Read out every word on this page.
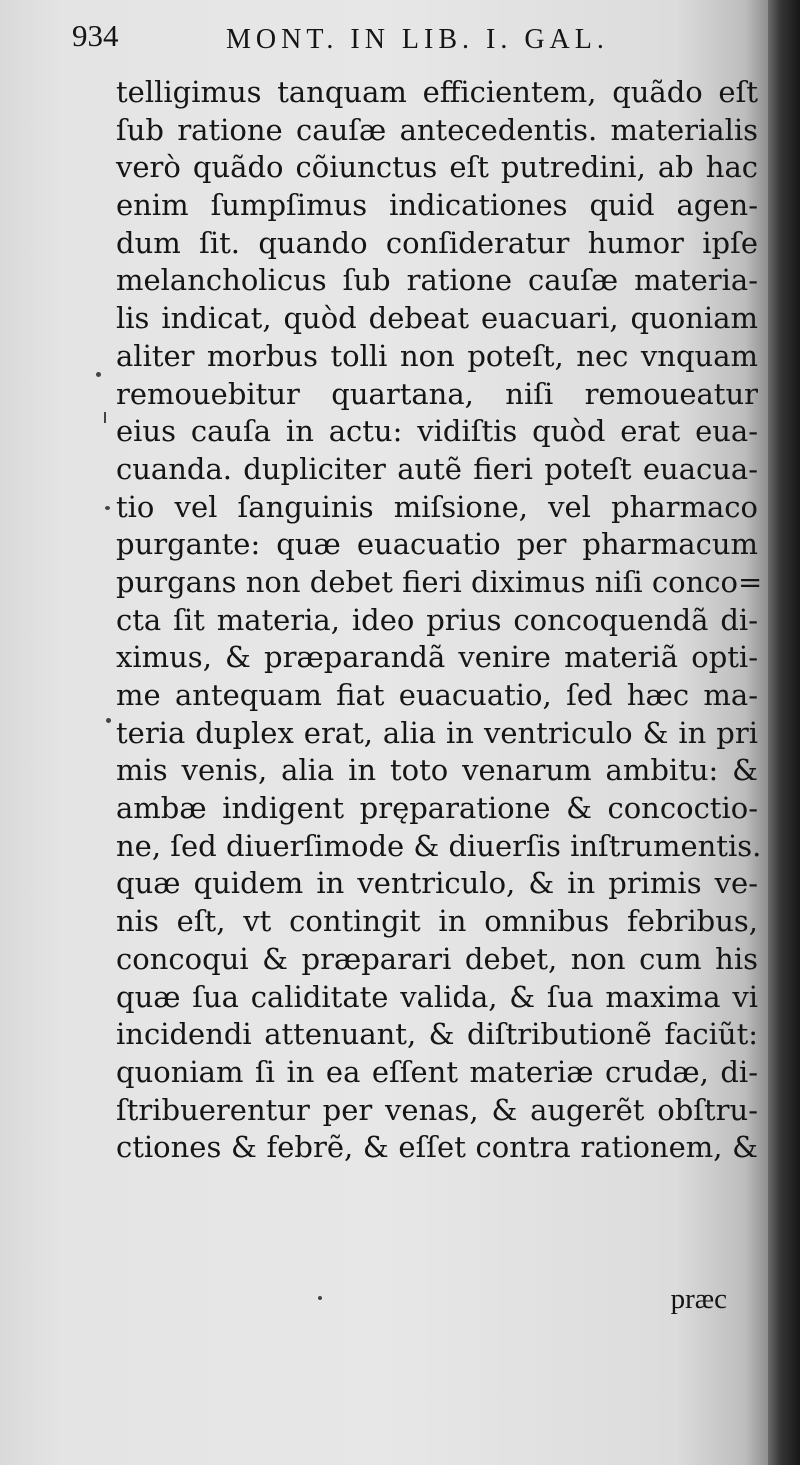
934	MONT. IN LIB. I. GAL.
telligimus tanquam efficientem, quãdo eſt
ſub ratione cauſæ antecedentis. materialis
verò quãdo cõiunctus eſt putredini, ab hac
enim ſumpſimus indicationes quid agen-
dum ſit. quando conſideratur humor ipſe
melancholicus ſub ratione cauſæ materia-
lis indicat, quòd debeat euacuari, quoniam
aliter morbus tolli non poteſt, nec vnquam
remouebitur quartana, niſi remoueatur
eius cauſa in actu: vidiſtis quòd erat eua-
cuanda. dupliciter autẽ fieri poteſt euacua-
tio vel ſanguinis miſsione, vel pharmaco
purgante: quæ euacuatio per pharmacum
purgans non debet fieri diximus niſi conco=
cta ſit materia, ideo prius concoquendã di-
ximus, & præparandã venire materiã opti-
me antequam fiat euacuatio, ſed hæc ma-
teria duplex erat, alia in ventriculo & in pri
mis venis, alia in toto venarum ambitu: &
ambæ indigent pręparatione & concoctio-
ne, ſed diuerſimode & diuerſis inſtrumentis.
quæ quidem in ventriculo, & in primis ve-
nis eſt, vt contingit in omnibus febribus,
concoqui & præparari debet, non cum his
quæ ſua caliditate valida, & ſua maxima vi
incidendi attenuant, & diſtributionẽ faciũt:
quoniam ſi in ea eſſent materiæ crudæ, di-
ſtribuerentur per venas, & augerẽt obſtru-
ctiones & febrẽ, & eſſet contra rationem, &
præc
